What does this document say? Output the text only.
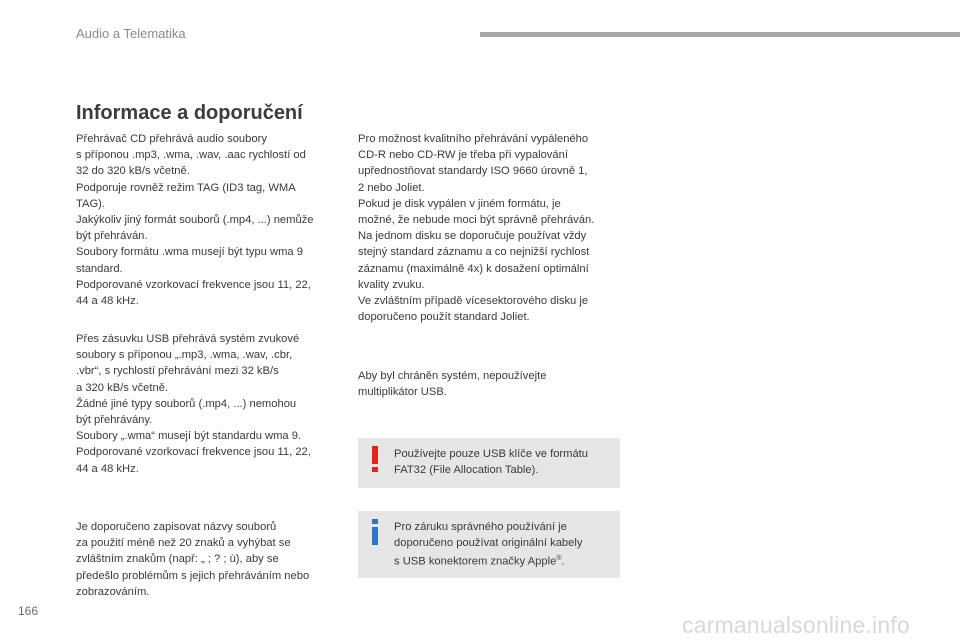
Audio a Telematika
Informace a doporučení
Přehrávač CD přehrává audio soubory
s příponou .mp3, .wma, .wav, .aac rychlostí od
32 do 320 kB/s včetně.
Podporuje rovněž režim TAG (ID3 tag, WMA
TAG).
Jakýkoliv jiný formát souborů (.mp4, ...) nemůže
být přehráván.
Soubory formátu .wma musejí být typu wma 9
standard.
Podporované vzorkovací frekvence jsou 11, 22,
44 a 48 kHz.
Přes zásuvku USB přehrává systém zvukové
soubory s příponou „.mp3, .wma, .wav, .cbr,
.vbr“, s rychlostí přehrávání mezi 32 kB/s
a 320 kB/s včetně.
Žádné jiné typy souborů (.mp4, ...) nemohou
být přehrávány.
Soubory „.wma“ musejí být standardu wma 9.
Podporované vzorkovací frekvence jsou 11, 22,
44 a 48 kHz.
Je doporučeno zapisovat názvy souborů
za použití méně než 20 znaků a vyhýbat se
zvláštním znakům (např: „ ; ? ; ù), aby se
předešlo problémům s jejich přehráváním nebo
zobrazováním.
Pro možnost kvalitního přehrávání vypáleného
CD-R nebo CD-RW je třeba při vypalování
upřednostňovat standardy ISO 9660 úrovně 1,
2 nebo Joliet.
Pokud je disk vypálen v jiném formátu, je
možné, že nebude moci být správně přehráván.
Na jednom disku se doporučuje používat vždy
stejný standard záznamu a co nejnižší rychlost
záznamu (maximálně 4x) k dosažení optimální
kvality zvuku.
Ve zvláštním případě vícesektorového disku je
doporučeno použít standard Joliet.
Aby byl chráněn systém, nepoužívejte
multiplikátor USB.
Používejte pouze USB klíče ve formátu
FAT32 (File Allocation Table).
Pro záruku správného používání je
doporučeno používat originální kabely
s USB konektorem značky Apple®.
166
carmanualsonline.info
